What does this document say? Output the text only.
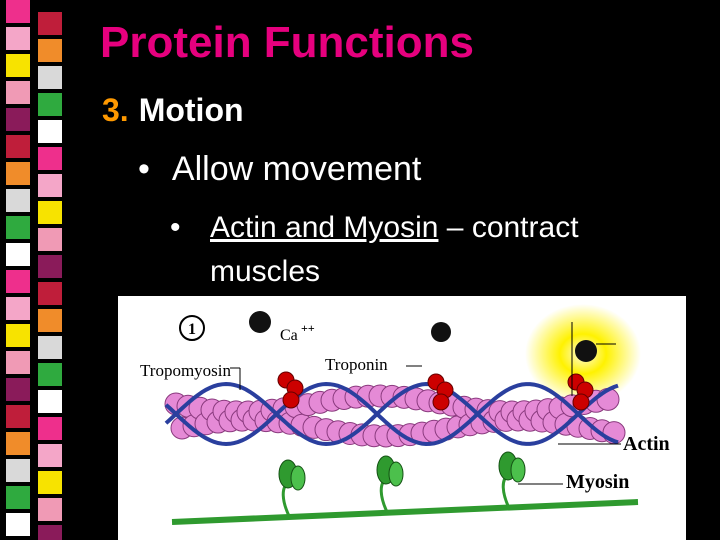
Protein Functions
3. Motion
• Allow movement
• Actin and Myosin – contract muscles
1	Ca ++
Tropomyosin	Troponin
Actin
Myosin
